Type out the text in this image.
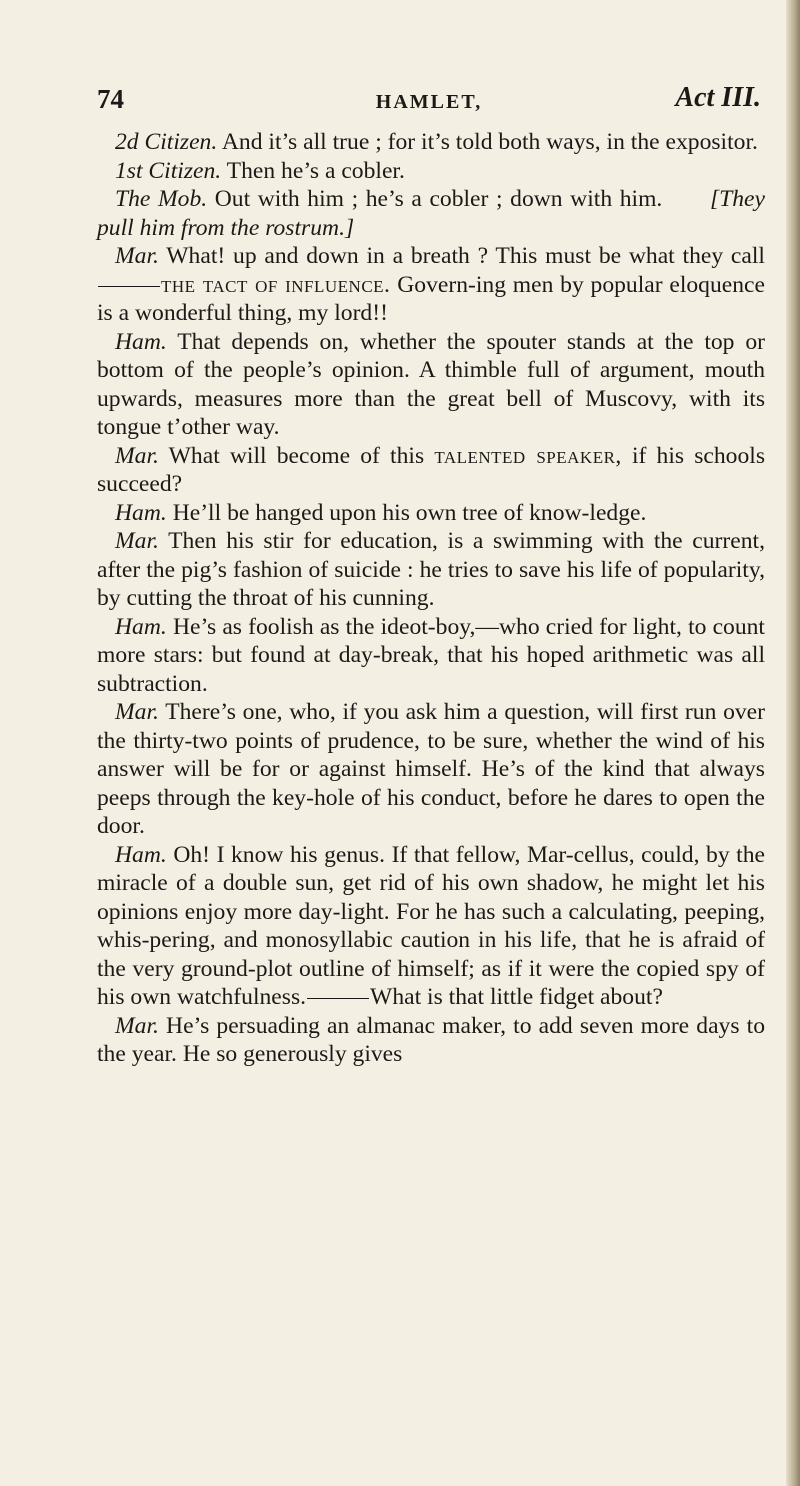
74	HAMLET,	Act III.

2d Citizen. And it’s all true ; for it’s told both ways, in the expositor.

1st Citizen. Then he’s a cobler.

The Mob. Out with him ; he’s a cobler ; down with him. [They pull him from the rostrum.]

Mar. What! up and down in a breath ? This must be what they callthe tact of influence. Govern-ing men by popular eloquence is a wonderful thing, my lord!!

Ham. That depends on, whether the spouter stands at the top or bottom of the people’s opinion. A thimble full of argument, mouth upwards, measures more than the great bell of Muscovy, with its tongue t’other way.

Mar. What will become of this talented speaker, if his schools succeed?

Ham. He’ll be hanged upon his own tree of know-ledge.

Mar. Then his stir for education, is a swimming with the current, after the pig’s fashion of suicide : he tries to save his life of popularity, by cutting the throat of his cunning.

Ham. He’s as foolish as the ideot-boy,—who cried for light, to count more stars: but found at day-break, that his hoped arithmetic was all subtraction.

Mar. There’s one, who, if you ask him a question, will first run over the thirty-two points of prudence, to be sure, whether the wind of his answer will be for or against himself. He’s of the kind that always peeps through the key-hole of his conduct, before he dares to open the door.

Ham. Oh! I know his genus. If that fellow, Mar-cellus, could, by the miracle of a double sun, get rid of his own shadow, he might let his opinions enjoy more day-light. For he has such a calculating, peeping, whis-pering, and monosyllabic caution in his life, that he is afraid of the very ground-plot outline of himself; as if it were the copied spy of his own watchfulness.	What is that little fidget about?

Mar. He’s persuading an almanac maker, to add seven more days to the year. He so generously gives
